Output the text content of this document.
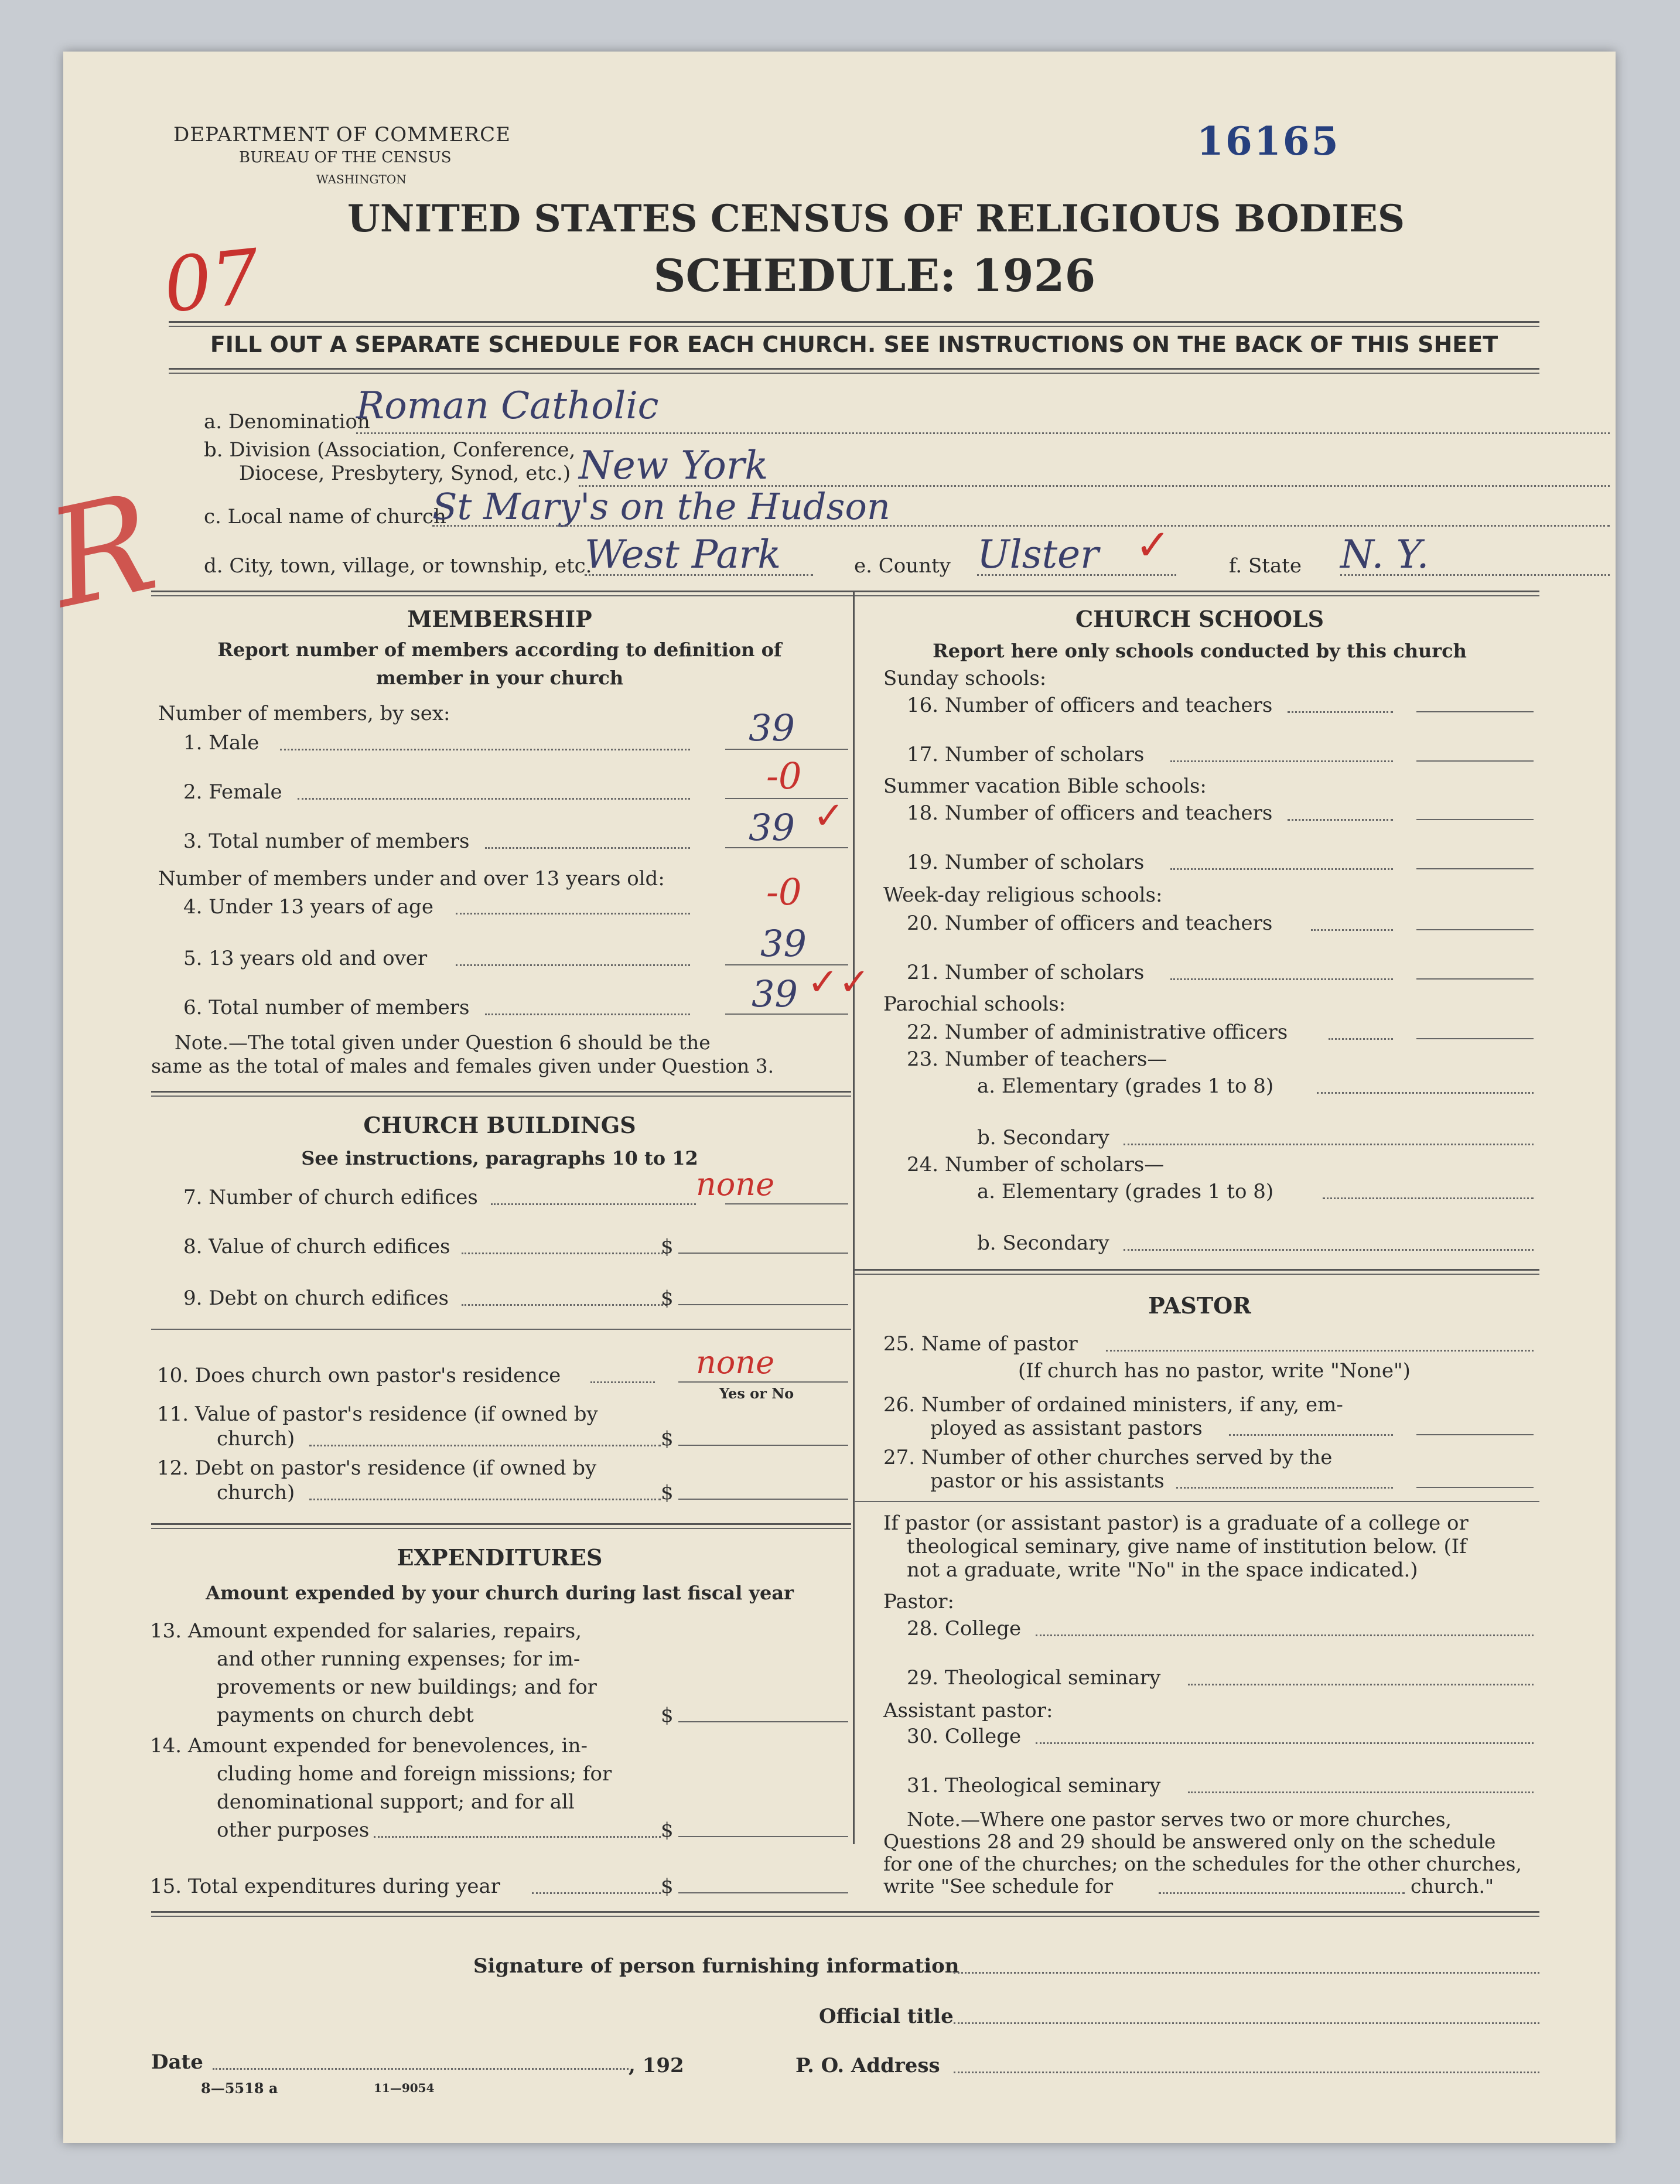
DEPARTMENT OF COMMERCE
BUREAU OF THE CENSUS
WASHINGTON
16165
UNITED STATES CENSUS OF RELIGIOUS BODIES
SCHEDULE: 1926
07
R
FILL OUT A SEPARATE SCHEDULE FOR EACH CHURCH. SEE INSTRUCTIONS ON THE BACK OF THIS SHEET
a. Denomination
Roman Catholic
b. Division (Association, Conference,
Diocese, Presbytery, Synod, etc.) New York
c. Local name of church
St Mary's on the Hudson
d. City, town, village, or township, etc.
West Park	e. County Ulster ✓	f. State N. Y.
MEMBERSHIP
Report number of members according to definition of
member in your church
Number of members, by sex:
1. Male	39
2. Female	-0
3. Total number of members	39 ✓
Number of members under and over 13 years old:
4. Under 13 years of age	-0
5. 13 years old and over	39
6. Total number of members	39 ✓✓
Note.—The total given under Question 6 should be the
same as the total of males and females given under Question 3.
CHURCH BUILDINGS
See instructions, paragraphs 10 to 12
7. Number of church edifices	none
8. Value of church edifices	$
9. Debt on church edifices	$
10. Does church own pastor's residence	none
Yes or No
11. Value of pastor's residence (if owned by
church)	$
12. Debt on pastor's residence (if owned by
church)	$
EXPENDITURES
Amount expended by your church during last fiscal year
13. Amount expended for salaries, repairs,
and other running expenses; for im-
provements or new buildings; and for
payments on church debt	$
14. Amount expended for benevolences, in-
cluding home and foreign missions; for
denominational support; and for all
other purposes	$
15. Total expenditures during year	$
CHURCH SCHOOLS
Report here only schools conducted by this church
Sunday schools:
16. Number of officers and teachers
17. Number of scholars
Summer vacation Bible schools:
18. Number of officers and teachers
19. Number of scholars
Week-day religious schools:
20. Number of officers and teachers
21. Number of scholars
Parochial schools:
22. Number of administrative officers
23. Number of teachers—
a. Elementary (grades 1 to 8)
b. Secondary
24. Number of scholars—
a. Elementary (grades 1 to 8)
b. Secondary
PASTOR
25. Name of pastor
(If church has no pastor, write "None")
26. Number of ordained ministers, if any, em-
ployed as assistant pastors
27. Number of other churches served by the
pastor or his assistants
If pastor (or assistant pastor) is a graduate of a college or
theological seminary, give name of institution below. (If
not a graduate, write "No" in the space indicated.)
Pastor:
28. College
29. Theological seminary
Assistant pastor:
30. College
31. Theological seminary
Note.—Where one pastor serves two or more churches,
Questions 28 and 29 should be answered only on the schedule
for one of the churches; on the schedules for the other churches,
write "See schedule for	church."
Signature of person furnishing information
Official title
Date	, 192	P. O. Address
8—5518 a	11—9054
